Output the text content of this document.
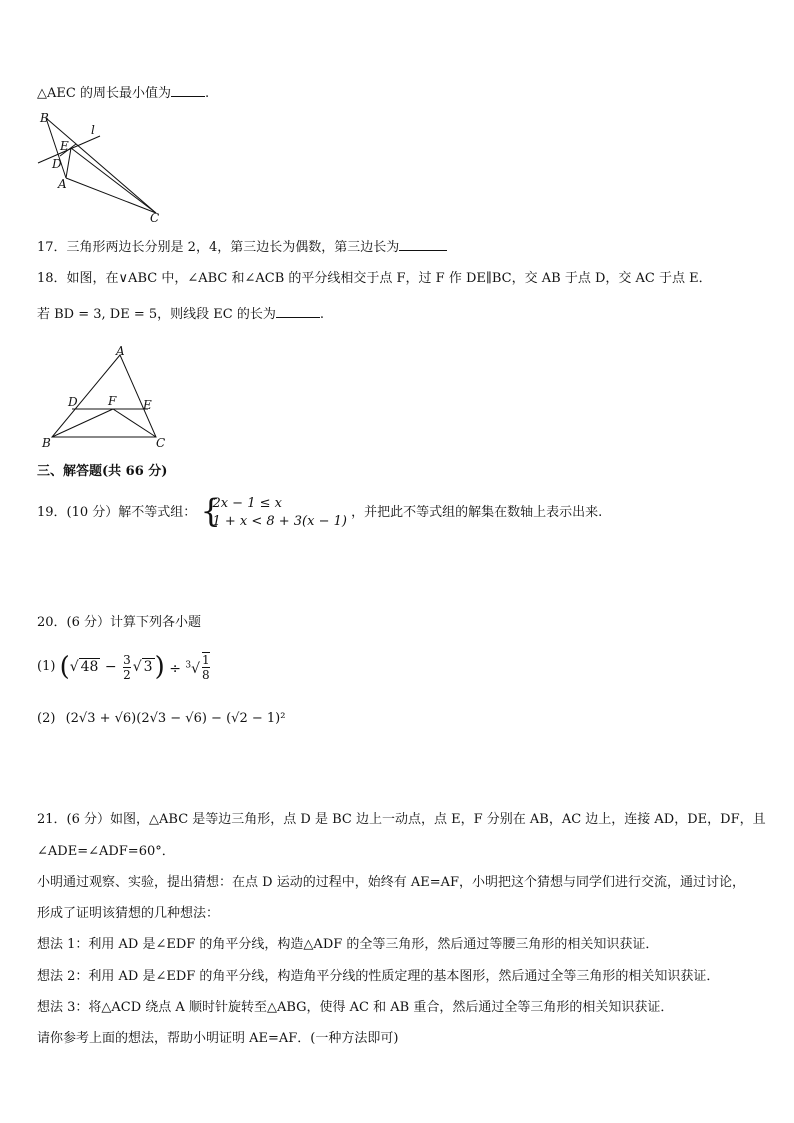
△AEC 的周长最小值为	.
B
l
E
D
A
C
17．三角形两边长分别是 2，4，第三边长为偶数，第三边长为
18．如图，在∨ABC 中，∠ABC 和∠ACB 的平分线相交于点 F，过 F 作 DE∥BC，交 AB 于点 D，交 AC 于点 E．
若 BD = 3, DE = 5，则线段 EC 的长为	.
A
D	F E
B	C
三、解答题(共 66 分)
19．(10 分）解不等式组： {
2x − 1 ≤ x
1 + x < 8 + 3(x − 1)
，并把此不等式组的解集在数轴上表示出来.
20．(6 分）计算下列各小题
(1) (√ $48 - \frac{3}{2}$ √ $3) \div ^3√ \frac{1}{8}$
(2) (2√3 + √6)(2√3 − √6) − (√2 − 1)²
21．(6 分）如图，△ABC 是等边三角形，点 D 是 BC 边上一动点，点 E，F 分别在 AB，AC 边上，连接 AD，DE，DF，且
∠ADE=∠ADF=60°．
小明通过观察、实验，提出猜想：在点 D 运动的过程中，始终有 AE=AF，小明把这个猜想与同学们进行交流，通过讨论，
形成了证明该猜想的几种想法：
想法 1：利用 AD 是∠EDF 的角平分线，构造△ADF 的全等三角形，然后通过等腰三角形的相关知识获证．
想法 2：利用 AD 是∠EDF 的角平分线，构造角平分线的性质定理的基本图形，然后通过全等三角形的相关知识获证．
想法 3：将△ACD 绕点 A 顺时针旋转至△ABG，使得 AC 和 AB 重合，然后通过全等三角形的相关知识获证．
请你参考上面的想法，帮助小明证明 AE=AF．(一种方法即可)
